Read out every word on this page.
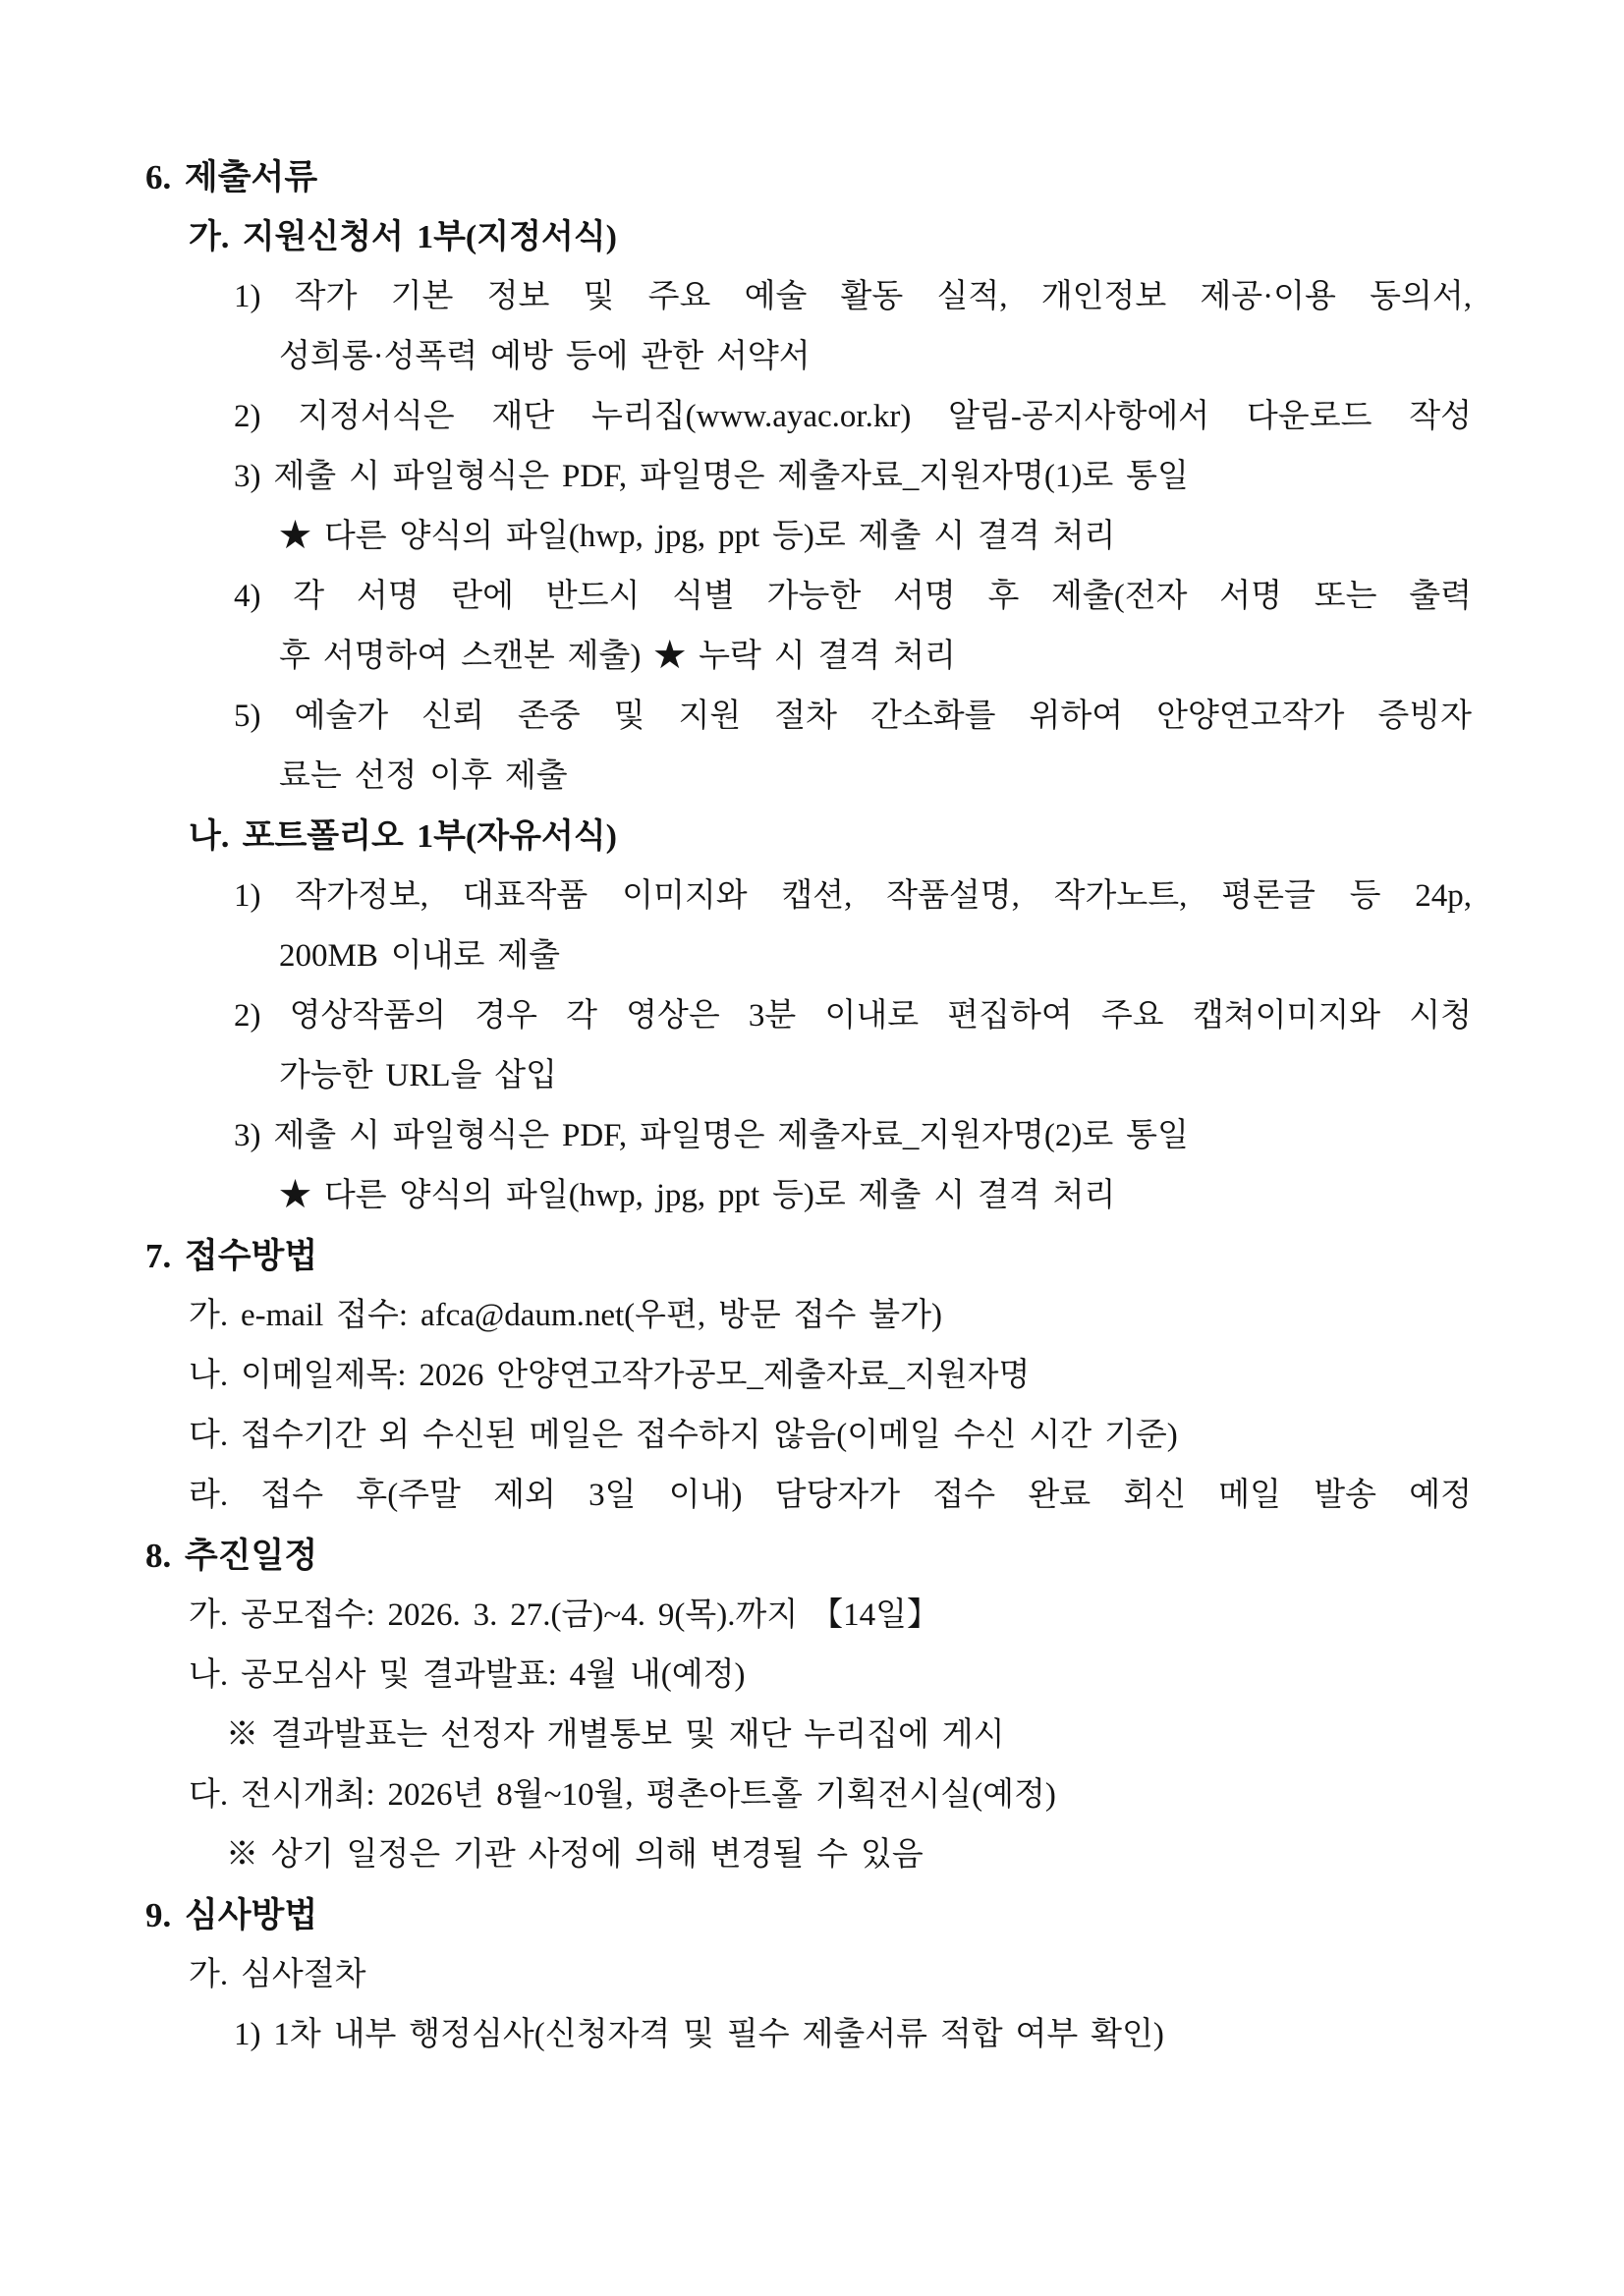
6. 제출서류
가. 지원신청서 1부(지정서식)
1) 작가 기본 정보 및 주요 예술 활동 실적, 개인정보 제공·이용 동의서,
성희롱·성폭력 예방 등에 관한 서약서
2) 지정서식은 재단 누리집(www.ayac.or.kr) 알림-공지사항에서 다운로드 작성
3) 제출 시 파일형식은 PDF, 파일명은 제출자료_지원자명(1)로 통일
★ 다른 양식의 파일(hwp, jpg, ppt 등)로 제출 시 결격 처리
4) 각 서명 란에 반드시 식별 가능한 서명 후 제출(전자 서명 또는 출력
후 서명하여 스캔본 제출) ★ 누락 시 결격 처리
5) 예술가 신뢰 존중 및 지원 절차 간소화를 위하여 안양연고작가 증빙자
료는 선정 이후 제출
나. 포트폴리오 1부(자유서식)
1) 작가정보, 대표작품 이미지와 캡션, 작품설명, 작가노트, 평론글 등 24p,
200MB 이내로 제출
2) 영상작품의 경우 각 영상은 3분 이내로 편집하여 주요 캡쳐이미지와 시청
가능한 URL을 삽입
3) 제출 시 파일형식은 PDF, 파일명은 제출자료_지원자명(2)로 통일
★ 다른 양식의 파일(hwp, jpg, ppt 등)로 제출 시 결격 처리
7. 접수방법
가. e-mail 접수: afca@daum.net(우편, 방문 접수 불가)
나. 이메일제목: 2026 안양연고작가공모_제출자료_지원자명
다. 접수기간 외 수신된 메일은 접수하지 않음(이메일 수신 시간 기준)
라. 접수 후(주말 제외 3일 이내) 담당자가 접수 완료 회신 메일 발송 예정
8. 추진일정
가. 공모접수: 2026. 3. 27.(금)~4. 9(목).까지 【14일】
나. 공모심사 및 결과발표: 4월 내(예정)
※ 결과발표는 선정자 개별통보 및 재단 누리집에 게시
다. 전시개최: 2026년 8월~10월, 평촌아트홀 기획전시실(예정)
※ 상기 일정은 기관 사정에 의해 변경될 수 있음
9. 심사방법
가. 심사절차
1) 1차 내부 행정심사(신청자격 및 필수 제출서류 적합 여부 확인)
